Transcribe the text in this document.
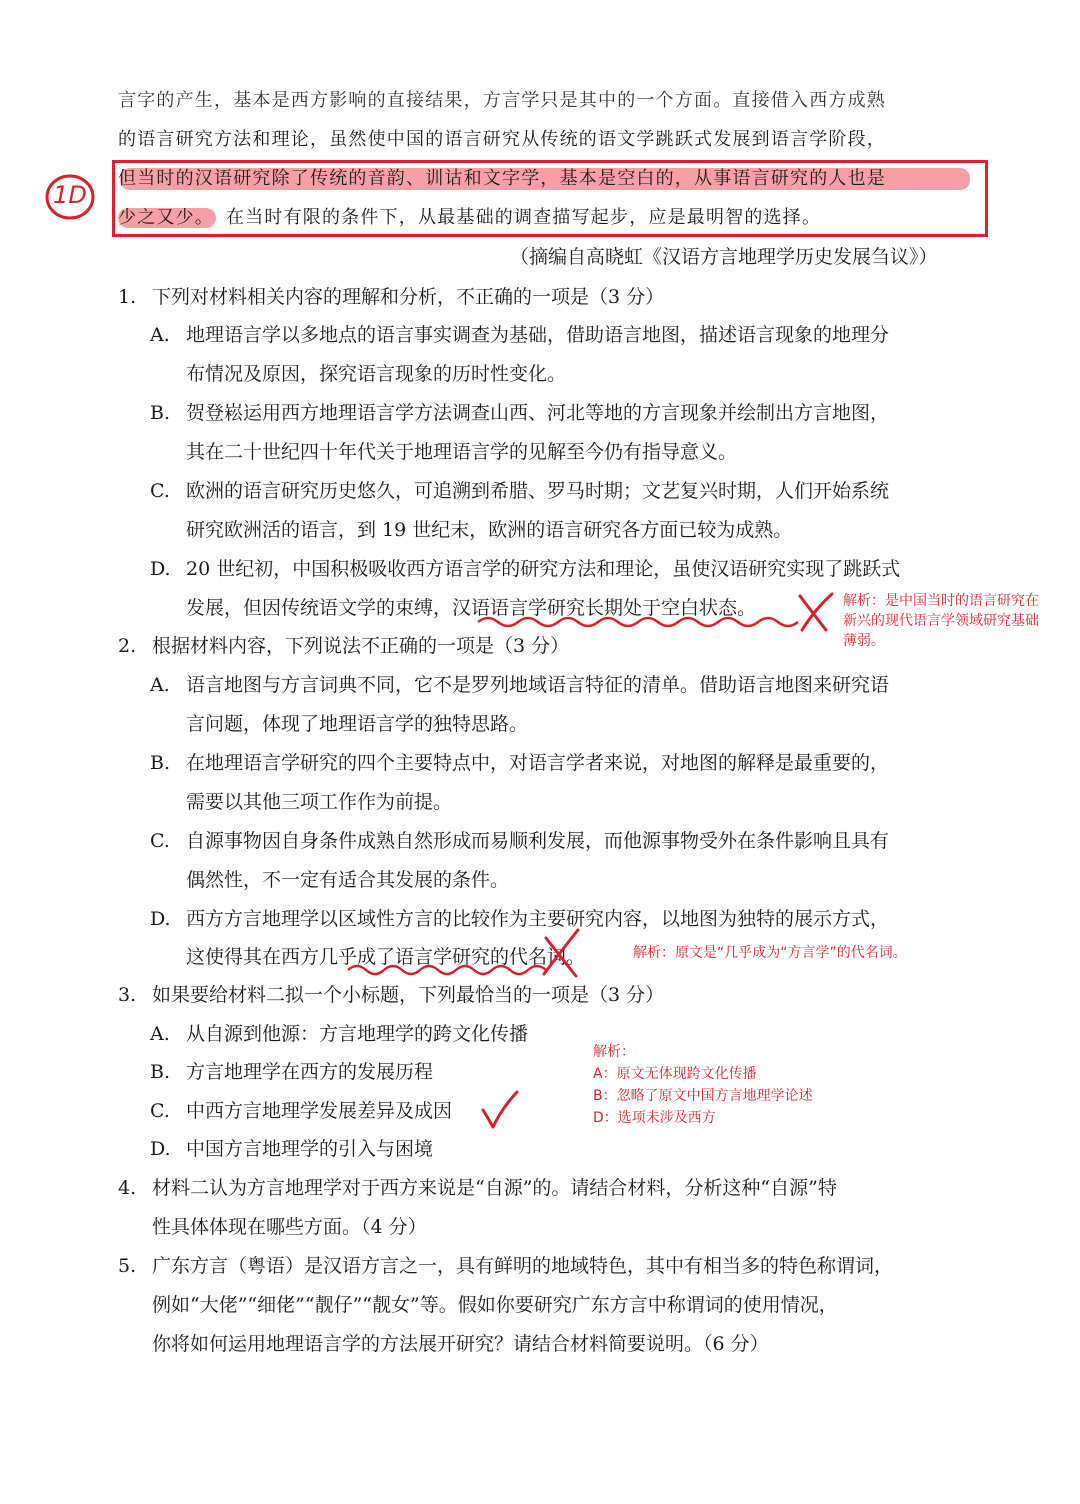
言字的产生，基本是西方影响的直接结果，方言学只是其中的一个方面。直接借入西方成熟
的语言研究方法和理论，虽然使中国的语言研究从传统的语文学跳跃式发展到语言学阶段，
但当时的汉语研究除了传统的音韵、训诂和文字学，基本是空白的，从事语言研究的人也是
少之又少。 在当时有限的条件下，从最基础的调查描写起步，应是最明智的选择。
1D
（摘编自高晓虹《汉语方言地理学历史发展刍议》）
1. 下列对材料相关内容的理解和分析，不正确的一项是（3 分）
A. 地理语言学以多地点的语言事实调查为基础，借助语言地图，描述语言现象的地理分
布情况及原因，探究语言现象的历时性变化。
B. 贺登崧运用西方地理语言学方法调查山西、河北等地的方言现象并绘制出方言地图，
其在二十世纪四十年代关于地理语言学的见解至今仍有指导意义。
C. 欧洲的语言研究历史悠久，可追溯到希腊、罗马时期；文艺复兴时期，人们开始系统
研究欧洲活的语言，到 19 世纪末，欧洲的语言研究各方面已较为成熟。
D. 20 世纪初，中国积极吸收西方语言学的研究方法和理论，虽使汉语研究实现了跳跃式
发展，但因传统语文学的束缚，汉语语言学研究长期处于空白状态。	解析：是中国当时的语言研究在
新兴的现代语言学领域研究基础
薄弱。
2. 根据材料内容，下列说法不正确的一项是（3 分）
A. 语言地图与方言词典不同，它不是罗列地域语言特征的清单。借助语言地图来研究语
言问题，体现了地理语言学的独特思路。
B. 在地理语言学研究的四个主要特点中，对语言学者来说，对地图的解释是最重要的，
需要以其他三项工作作为前提。
C. 自源事物因自身条件成熟自然形成而易顺利发展，而他源事物受外在条件影响且具有
偶然性，不一定有适合其发展的条件。
D. 西方方言地理学以区域性方言的比较作为主要研究内容，以地图为独特的展示方式，
这使得其在西方几乎成了语言学研究的代名词。	解析：原文是“几乎成为“方言学”的代名词。
3. 如果要给材料二拟一个小标题，下列最恰当的一项是（3 分）
A. 从自源到他源：方言地理学的跨文化传播
B. 方言地理学在西方的发展历程
C. 中西方言地理学发展差异及成因
D. 中国方言地理学的引入与困境
解析：
A：原文无体现跨文化传播
B：忽略了原文中国方言地理学论述
D：选项未涉及西方
4. 材料二认为方言地理学对于西方来说是“自源”的。请结合材料，分析这种“自源”特
性具体体现在哪些方面。（4 分）
5. 广东方言（粤语）是汉语方言之一，具有鲜明的地域特色，其中有相当多的特色称谓词，
例如“大佬”“细佬”“靓仔”“靓女”等。假如你要研究广东方言中称谓词的使用情况，
你将如何运用地理语言学的方法展开研究？请结合材料简要说明。（6 分）
